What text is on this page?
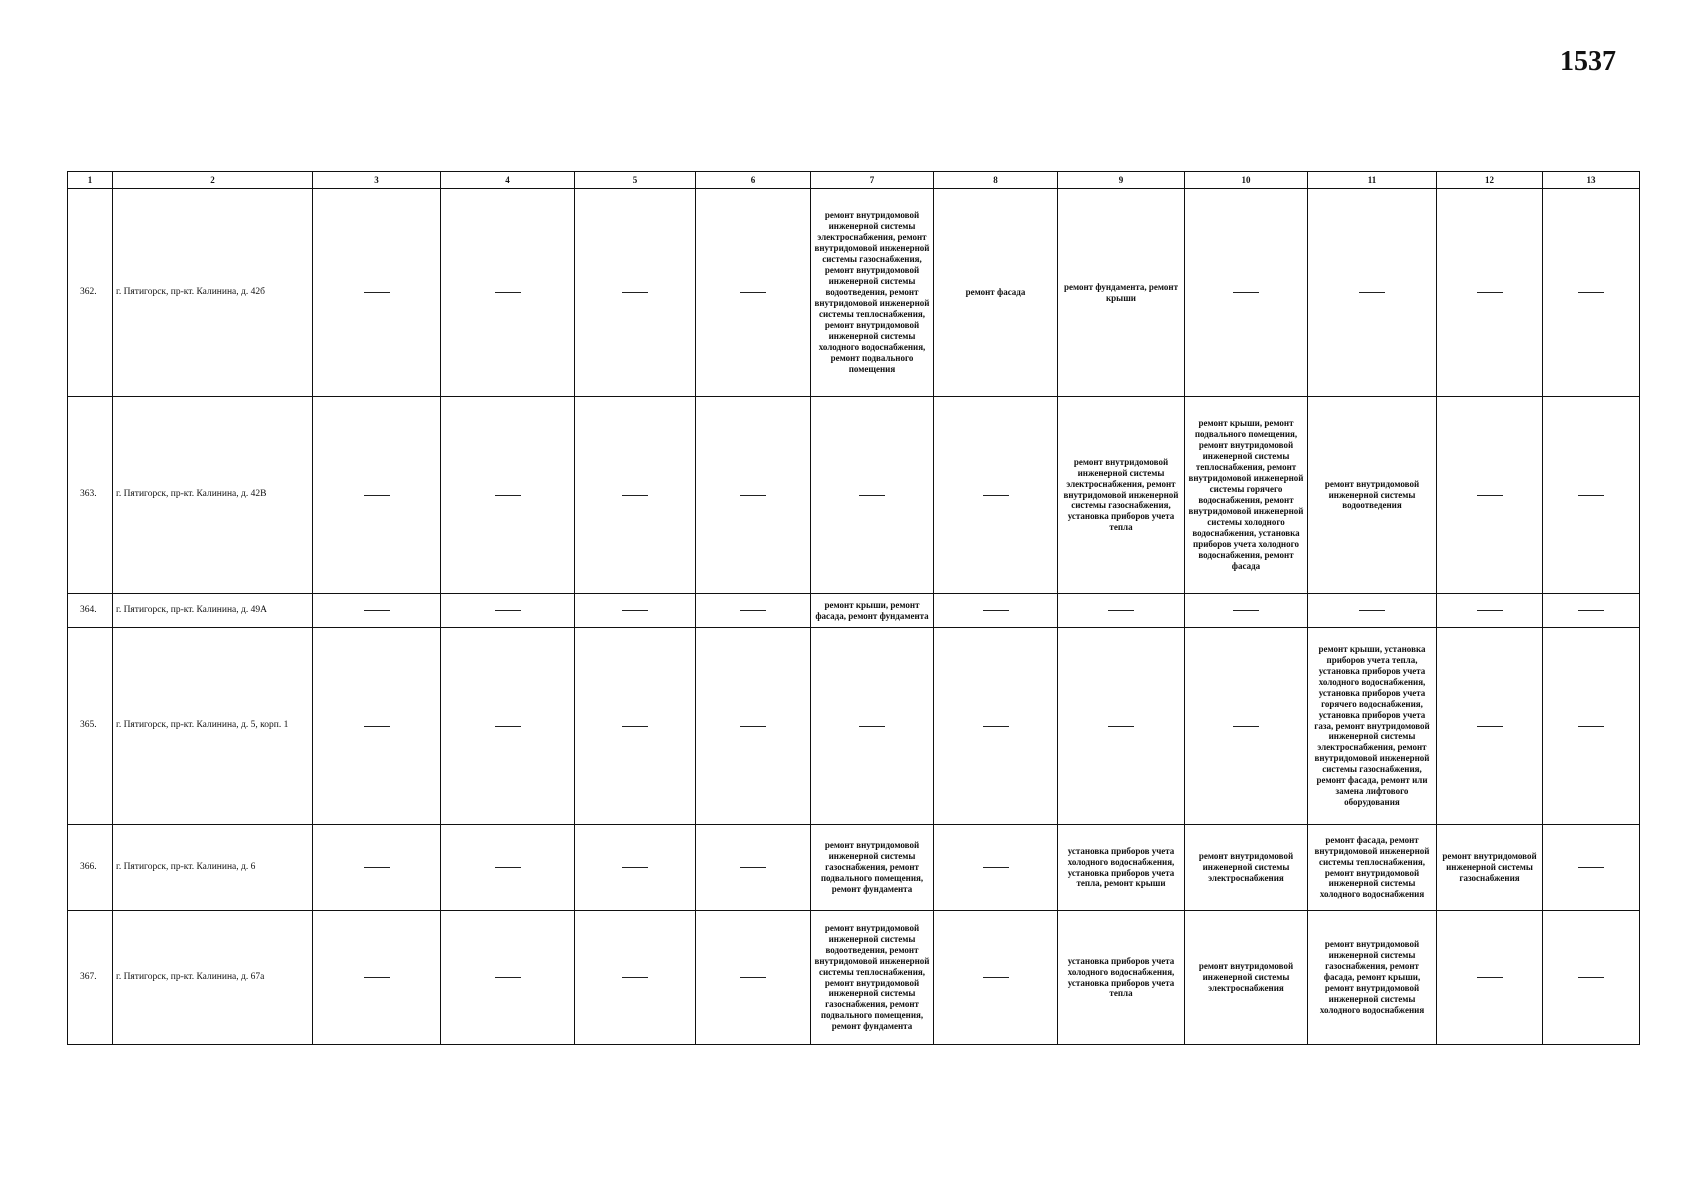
1537
1	2	3	4	5	6	7	8	9	10	11	12	13
362.	г. Пятигорск, пр-кт. Калинина, д. 42б					ремонт внутридомовой инженерной системы электроснабжения, ремонт внутридомовой инженерной системы газоснабжения, ремонт внутридомовой инженерной системы водоотведения, ремонт внутридомовой инженерной системы теплоснабжения, ремонт внутридомовой инженерной системы холодного водоснабжения, ремонт подвального помещения	ремонт фасада	ремонт фундамента, ремонт крыши				
363.	г. Пятигорск, пр-кт. Калинина, д. 42В							ремонт внутридомовой инженерной системы электроснабжения, ремонт внутридомовой инженерной системы газоснабжения, установка приборов учета тепла	ремонт крыши, ремонт подвального помещения, ремонт внутридомовой инженерной системы теплоснабжения, ремонт внутридомовой инженерной системы горячего водоснабжения, ремонт внутридомовой инженерной системы холодного водоснабжения, установка приборов учета холодного водоснабжения, ремонт фасада	ремонт внутридомовой инженерной системы водоотведения		
364.	г. Пятигорск, пр-кт. Калинина, д. 49А					ремонт крыши, ремонт фасада, ремонт фундамента						
365.	г. Пятигорск, пр-кт. Калинина, д. 5, корп. 1									ремонт крыши, установка приборов учета тепла, установка приборов учета холодного водоснабжения, установка приборов учета горячего водоснабжения, установка приборов учета газа, ремонт внутридомовой инженерной системы электроснабжения, ремонт внутридомовой инженерной системы газоснабжения, ремонт фасада, ремонт или замена лифтового оборудования		
366.	г. Пятигорск, пр-кт. Калинина, д. 6					ремонт внутридомовой инженерной системы газоснабжения, ремонт подвального помещения, ремонт фундамента		установка приборов учета холодного водоснабжения, установка приборов учета тепла, ремонт крыши	ремонт внутридомовой инженерной системы электроснабжения	ремонт фасада, ремонт внутридомовой инженерной системы теплоснабжения, ремонт внутридомовой инженерной системы холодного водоснабжения	ремонт внутридомовой инженерной системы газоснабжения	
367.	г. Пятигорск, пр-кт. Калинина, д. 67а					ремонт внутридомовой инженерной системы водоотведения, ремонт внутридомовой инженерной системы теплоснабжения, ремонт внутридомовой инженерной системы газоснабжения, ремонт подвального помещения, ремонт фундамента		установка приборов учета холодного водоснабжения, установка приборов учета тепла	ремонт внутридомовой инженерной системы электроснабжения	ремонт внутридомовой инженерной системы газоснабжения, ремонт фасада, ремонт крыши, ремонт внутридомовой инженерной системы холодного водоснабжения		
